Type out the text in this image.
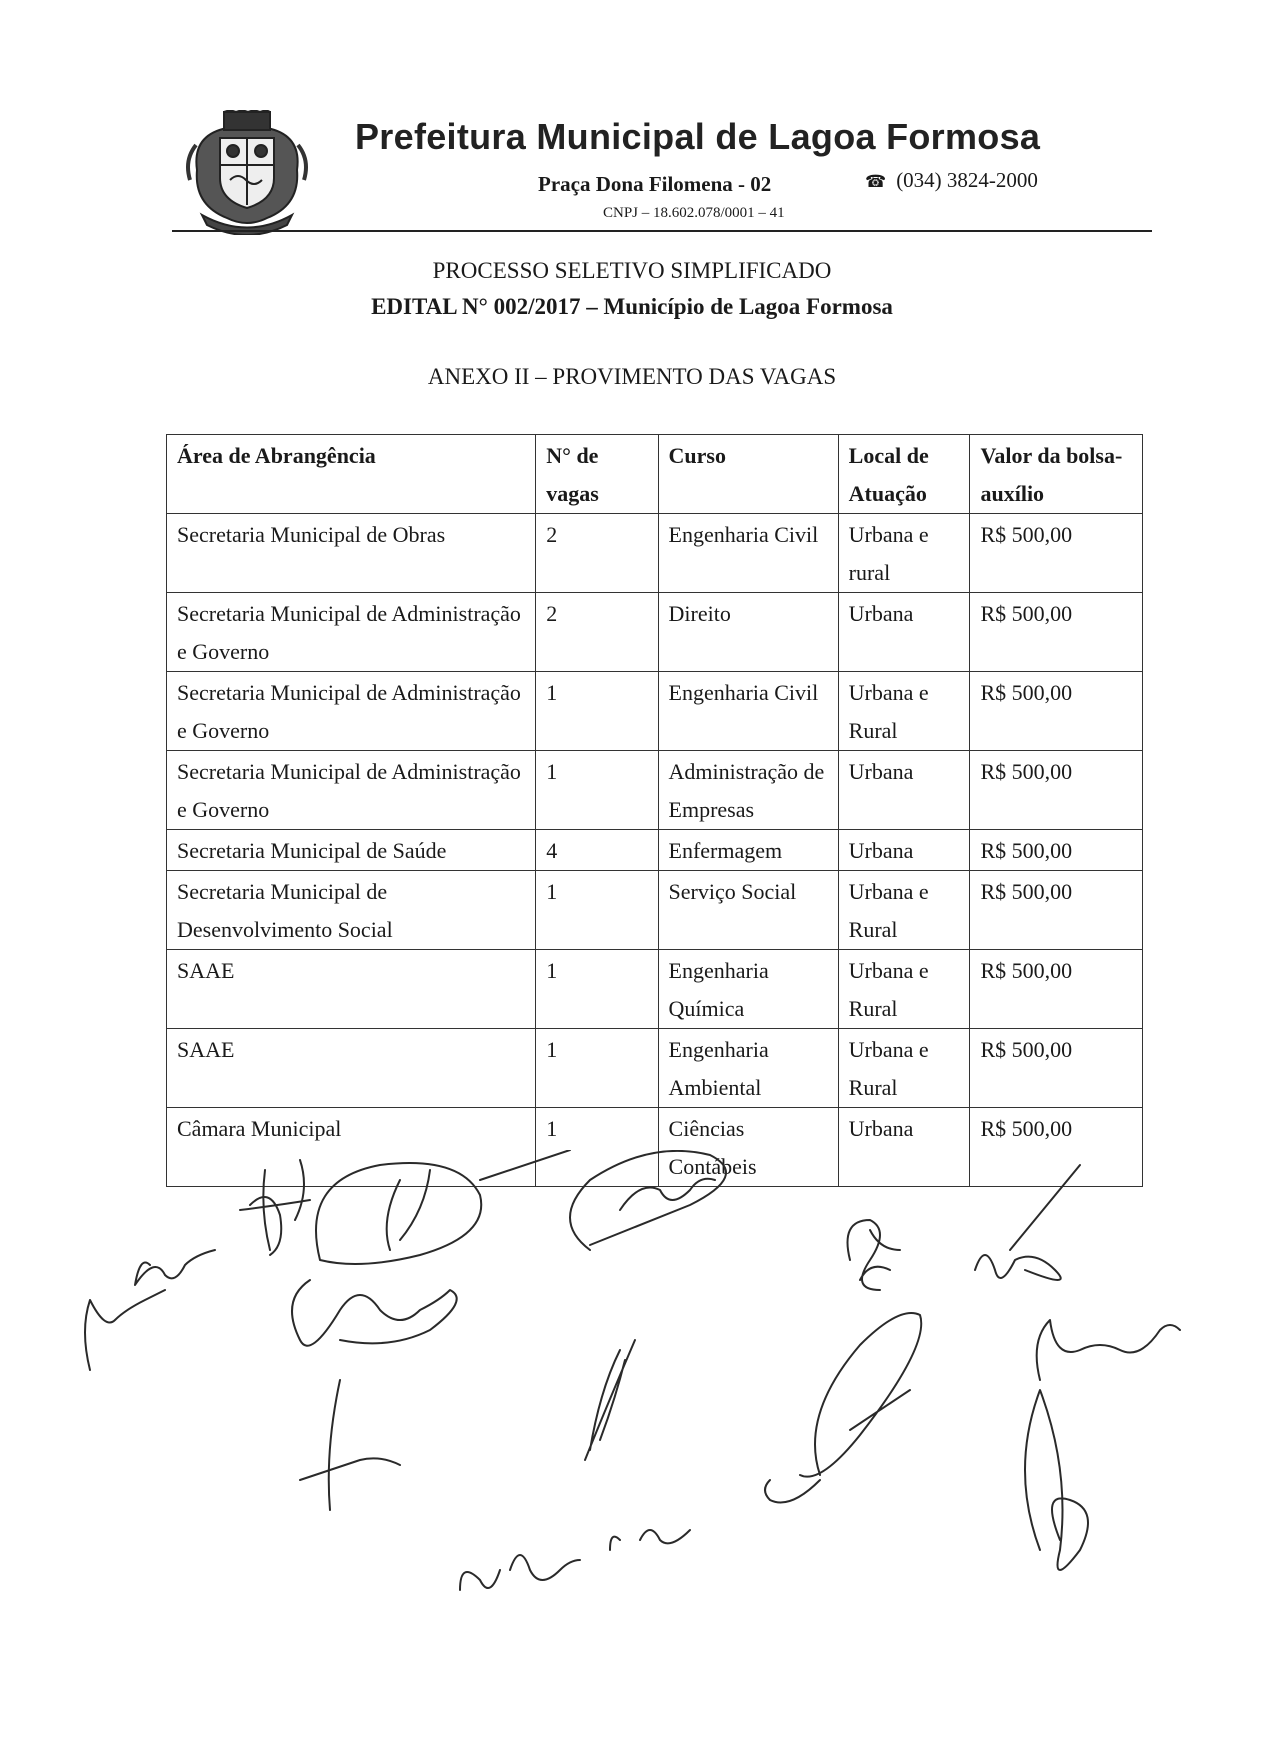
Prefeitura Municipal de Lagoa Formosa
Praça Dona Filomena - 02	☎ (034) 3824-2000
CNPJ – 18.602.078/0001 – 41
PROCESSO SELETIVO SIMPLIFICADO
EDITAL N° 002/2017 – Município de Lagoa Formosa
ANEXO II – PROVIMENTO DAS VAGAS
Área de Abrangência	N° de vagas	Curso	Local de Atuação	Valor da bolsa-auxílio
Secretaria Municipal de Obras	2	Engenharia Civil	Urbana e rural	R$ 500,00
Secretaria Municipal de Administração e Governo	2	Direito	Urbana	R$ 500,00
Secretaria Municipal de Administração e Governo	1	Engenharia Civil	Urbana e Rural	R$ 500,00
Secretaria Municipal de Administração e Governo	1	Administração de Empresas	Urbana	R$ 500,00
Secretaria Municipal de Saúde	4	Enfermagem	Urbana	R$ 500,00
Secretaria Municipal de Desenvolvimento Social	1	Serviço Social	Urbana e Rural	R$ 500,00
SAAE	1	Engenharia Química	Urbana e Rural	R$ 500,00
SAAE	1	Engenharia Ambiental	Urbana e Rural	R$ 500,00
Câmara Municipal	1	Ciências Contábeis	Urbana	R$ 500,00
